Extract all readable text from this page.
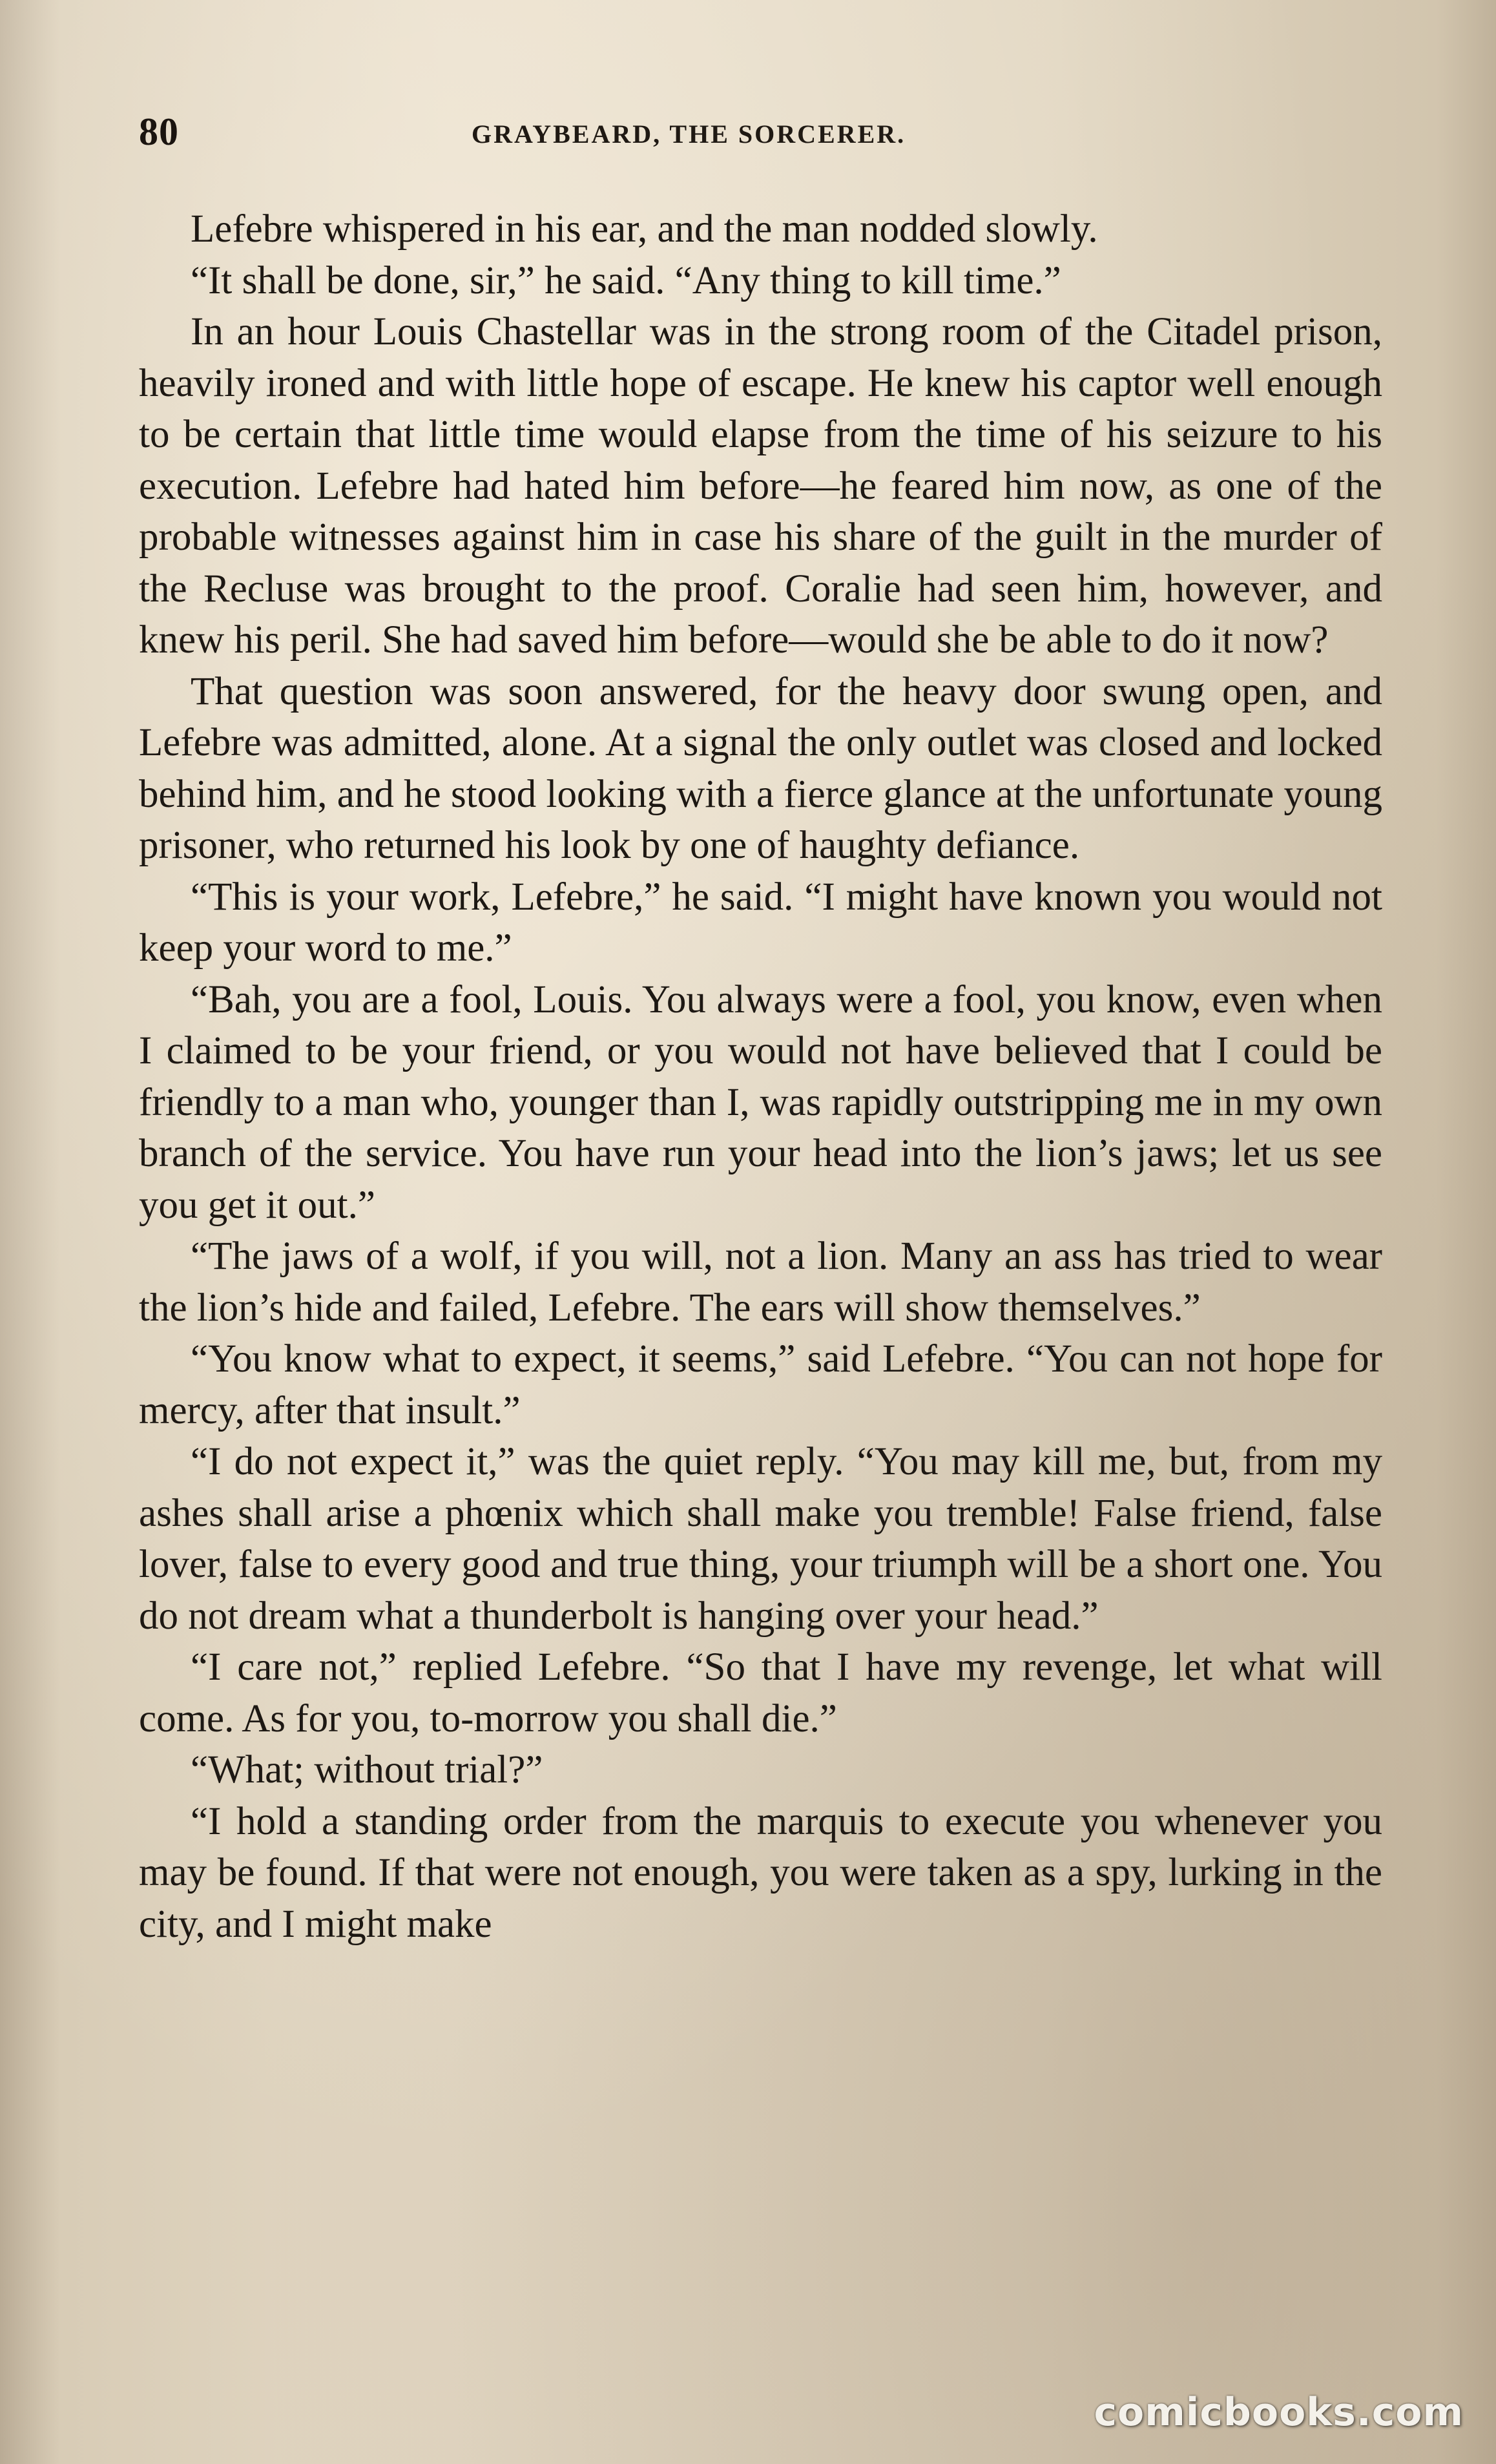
80	GRAYBEARD, THE SORCERER.

Lefebre whispered in his ear, and the man nodded slowly.

“It shall be done, sir,” he said. “Any thing to kill time.”

In an hour Louis Chastellar was in the strong room of the Citadel prison, heavily ironed and with little hope of escape. He knew his captor well enough to be certain that little time would elapse from the time of his seizure to his execution. Lefebre had hated him before—he feared him now, as one of the probable witnesses against him in case his share of the guilt in the murder of the Recluse was brought to the proof. Coralie had seen him, however, and knew his peril. She had saved him before—would she be able to do it now?

That question was soon answered, for the heavy door swung open, and Lefebre was admitted, alone. At a signal the only outlet was closed and locked behind him, and he stood looking with a fierce glance at the unfortunate young prisoner, who returned his look by one of haughty defiance.

“This is your work, Lefebre,” he said. “I might have known you would not keep your word to me.”

“Bah, you are a fool, Louis. You always were a fool, you know, even when I claimed to be your friend, or you would not have believed that I could be friendly to a man who, younger than I, was rapidly outstripping me in my own branch of the service. You have run your head into the lion’s jaws; let us see you get it out.”

“The jaws of a wolf, if you will, not a lion. Many an ass has tried to wear the lion’s hide and failed, Lefebre. The ears will show themselves.”

“You know what to expect, it seems,” said Lefebre. “You can not hope for mercy, after that insult.”

“I do not expect it,” was the quiet reply. “You may kill me, but, from my ashes shall arise a phœnix which shall make you tremble! False friend, false lover, false to every good and true thing, your triumph will be a short one. You do not dream what a thunderbolt is hanging over your head.”

“I care not,” replied Lefebre. “So that I have my revenge, let what will come. As for you, to-morrow you shall die.”

“What; without trial?”

“I hold a standing order from the marquis to execute you whenever you may be found. If that were not enough, you were taken as a spy, lurking in the city, and I might make

comicbooks.com
